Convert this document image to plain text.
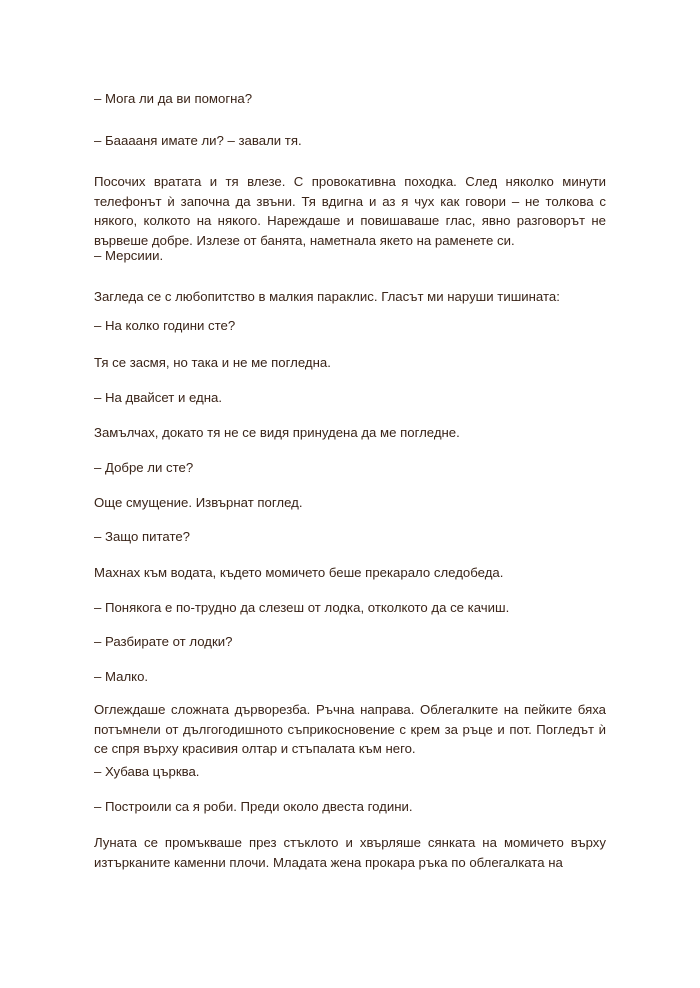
– Мога ли да ви помогна?

– Бааааня имате ли? – завали тя.

Посочих вратата и тя влезе. С провокативна походка. След няколко минути телефонът ѝ започна да звъни. Тя вдигна и аз я чух как говори – не толкова с някого, колкото на някого. Нареждаше и повишаваше глас, явно разговорът не вървеше добре. Излезе от банята, наметнала якето на раменете си.

– Мерсиии.

Загледа се с любопитство в малкия параклис. Гласът ми наруши тишината:

– На колко години сте?

Тя се засмя, но така и не ме погледна.

– На двайсет и една.

Замълчах, докато тя не се видя принудена да ме погледне.

– Добре ли сте?

Още смущение. Извърнат поглед.

– Защо питате?

Махнах към водата, където момичето беше прекарало следобеда.

– Понякога е по-трудно да слезеш от лодка, отколкото да се качиш.

– Разбирате от лодки?

– Малко.

Оглеждаше сложната дърворезба. Ръчна направа. Облегалките на пейките бяха потъмнели от дългогодишното съприкосновение с крем за ръце и пот. Погледът ѝ се спря върху красивия олтар и стъпалата към него.

– Хубава църква.

– Построили са я роби. Преди около двеста години.

Луната се промъкваше през стъклото и хвърляше сянката на момичето върху изтърканите каменни плочи. Младата жена прокара ръка по облегалката на
